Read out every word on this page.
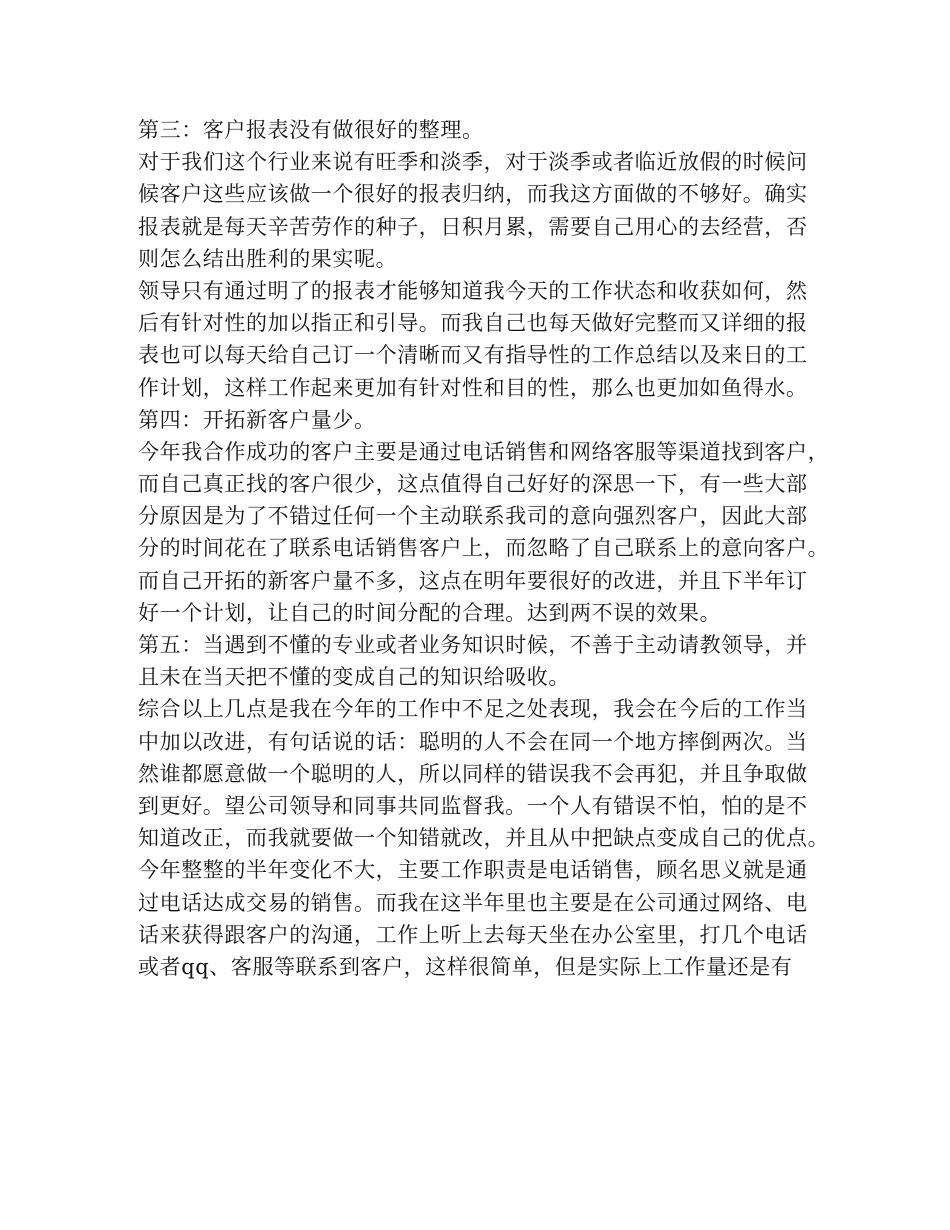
第三：客户报表没有做很好的整理。
对于我们这个行业来说有旺季和淡季，对于淡季或者临近放假的时候问
候客户这些应该做一个很好的报表归纳，而我这方面做的不够好。确实
报表就是每天辛苦劳作的种子，日积月累，需要自己用心的去经营，否
则怎么结出胜利的果实呢。
领导只有通过明了的报表才能够知道我今天的工作状态和收获如何，然
后有针对性的加以指正和引导。而我自己也每天做好完整而又详细的报
表也可以每天给自己订一个清晰而又有指导性的工作总结以及来日的工
作计划，这样工作起来更加有针对性和目的性，那么也更加如鱼得水。
第四：开拓新客户量少。
今年我合作成功的客户主要是通过电话销售和网络客服等渠道找到客户，
而自己真正找的客户很少，这点值得自己好好的深思一下，有一些大部
分原因是为了不错过任何一个主动联系我司的意向强烈客户，因此大部
分的时间花在了联系电话销售客户上，而忽略了自己联系上的意向客户。
而自己开拓的新客户量不多，这点在明年要很好的改进，并且下半年订
好一个计划，让自己的时间分配的合理。达到两不误的效果。
第五：当遇到不懂的专业或者业务知识时候，不善于主动请教领导，并
且未在当天把不懂的变成自己的知识给吸收。
综合以上几点是我在今年的工作中不足之处表现，我会在今后的工作当
中加以改进，有句话说的话：聪明的人不会在同一个地方摔倒两次。当
然谁都愿意做一个聪明的人，所以同样的错误我不会再犯，并且争取做
到更好。望公司领导和同事共同监督我。一个人有错误不怕，怕的是不
知道改正，而我就要做一个知错就改，并且从中把缺点变成自己的优点。
今年整整的半年变化不大，主要工作职责是电话销售，顾名思义就是通
过电话达成交易的销售。而我在这半年里也主要是在公司通过网络、电
话来获得跟客户的沟通，工作上听上去每天坐在办公室里，打几个电话
或者qq、客服等联系到客户，这样很简单，但是实际上工作量还是有
